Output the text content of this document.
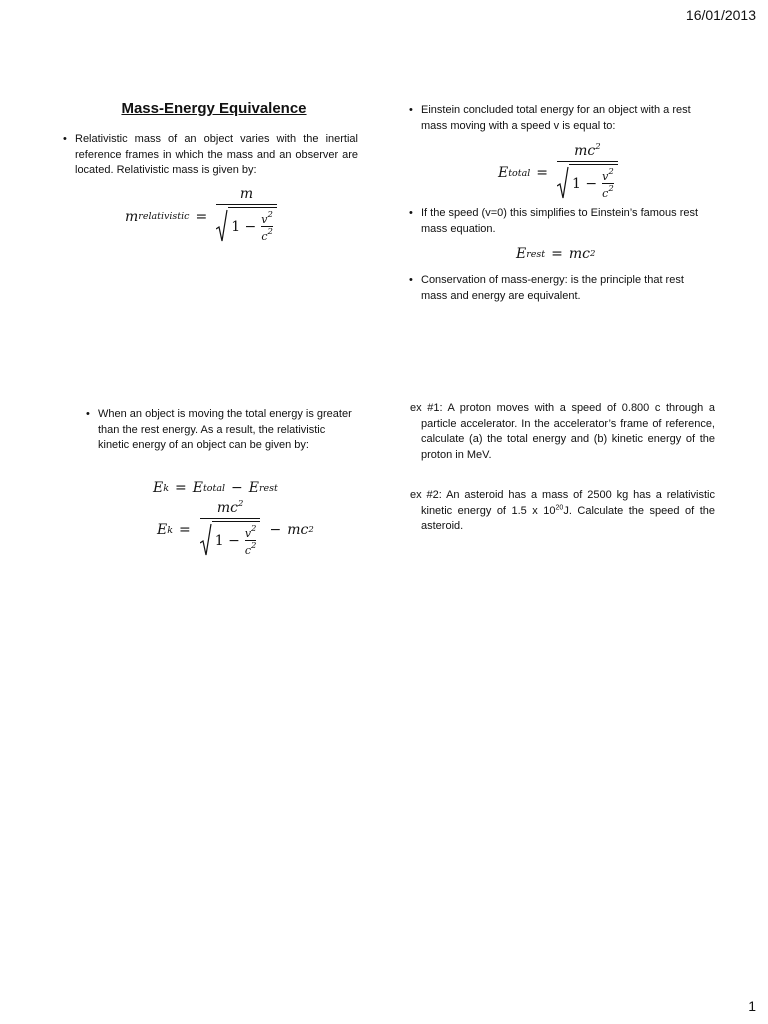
16/01/2013
Mass-Energy Equivalence
• Relativistic mass of an object varies with the inertial reference frames in which the mass and an observer are located. Relativistic mass is given by:
m relativistic = $\frac{m}{1 - \frac{v^2}{c^2}}$
• Einstein concluded total energy for an object with a rest mass moving with a speed v is equal to:
E total = $\frac{mc^2}{1 - \frac{v^2}{c^2}}$
• If the speed (v=0) this simplifies to Einstein’s famous rest mass equation.
E rest = mc 2
• Conservation of mass-energy: is the principle that rest mass and energy are equivalent.
• When an object is moving the total energy is greater than the rest energy. As a result, the relativistic kinetic energy of an object can be given by:
E k = E total − E rest
E $k = \frac{mc^2}{1 - \frac{v^2}{c^2}}$ − mc 2
ex #1: A proton moves with a speed of 0.800 c through a particle accelerator. In the accelerator’s frame of reference, calculate (a) the total energy and (b) kinetic energy of the proton in MeV.
ex #2: An asteroid has a mass of 2500 kg has a relativistic kinetic energy of 1.5 x $10^{20}J$. Calculate the speed of the asteroid.
1
